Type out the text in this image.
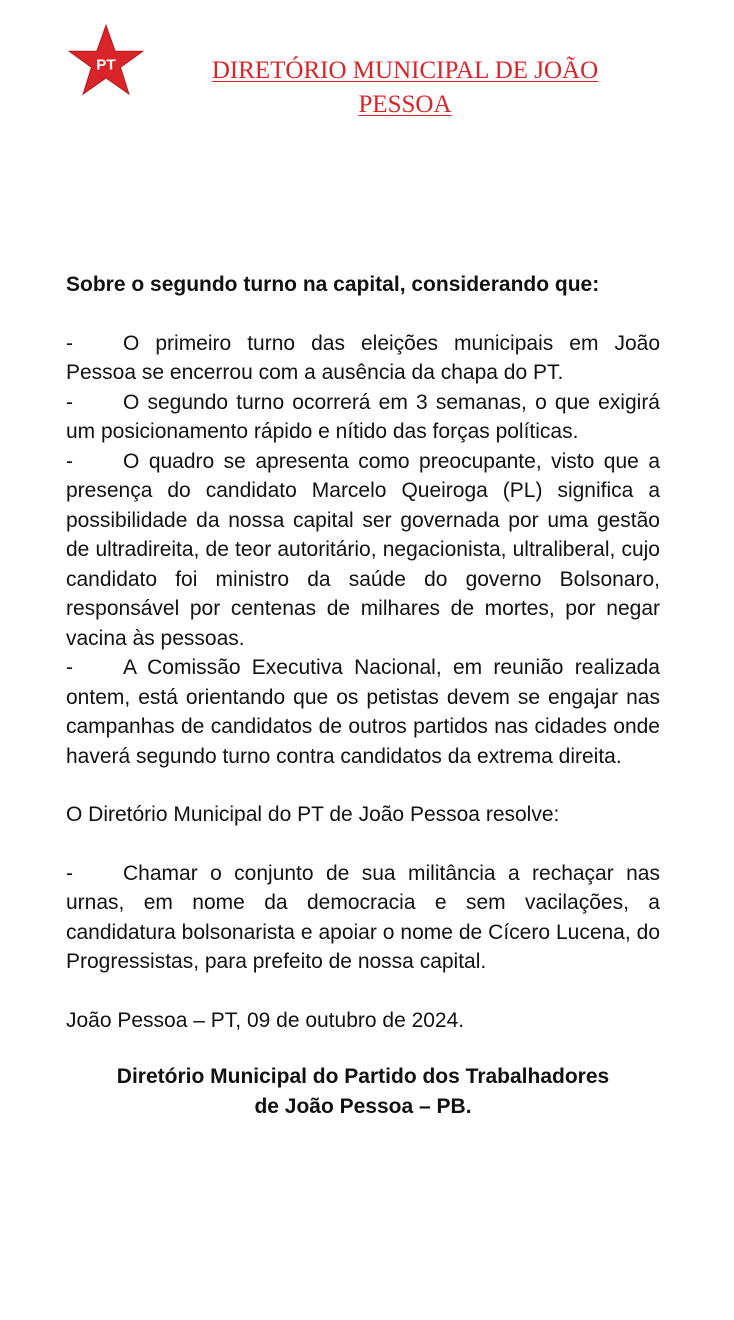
PT	DIRETÓRIO MUNICIPAL DE JOÃO
PESSOA

Sobre o segundo turno na capital, considerando que:

- O primeiro turno das eleições municipais em João Pessoa se encerrou com a ausência da chapa do PT.

- O segundo turno ocorrerá em 3 semanas, o que exigirá um posicionamento rápido e nítido das forças políticas.

- O quadro se apresenta como preocupante, visto que a presença do candidato Marcelo Queiroga (PL) significa a possibilidade da nossa capital ser governada por uma gestão de ultradireita, de teor autoritário, negacionista, ultraliberal, cujo candidato foi ministro da saúde do governo Bolsonaro, responsável por centenas de milhares de mortes, por negar vacina às pessoas.

- A Comissão Executiva Nacional, em reunião realizada ontem, está orientando que os petistas devem se engajar nas campanhas de candidatos de outros partidos nas cidades onde haverá segundo turno contra candidatos da extrema direita.

O Diretório Municipal do PT de João Pessoa resolve:

- Chamar o conjunto de sua militância a rechaçar nas urnas, em nome da democracia e sem vacilações, a candidatura bolsonarista e apoiar o nome de Cícero Lucena, do Progressistas, para prefeito de nossa capital.

João Pessoa – PT, 09 de outubro de 2024.

Diretório Municipal do Partido dos Trabalhadores
de João Pessoa – PB.
